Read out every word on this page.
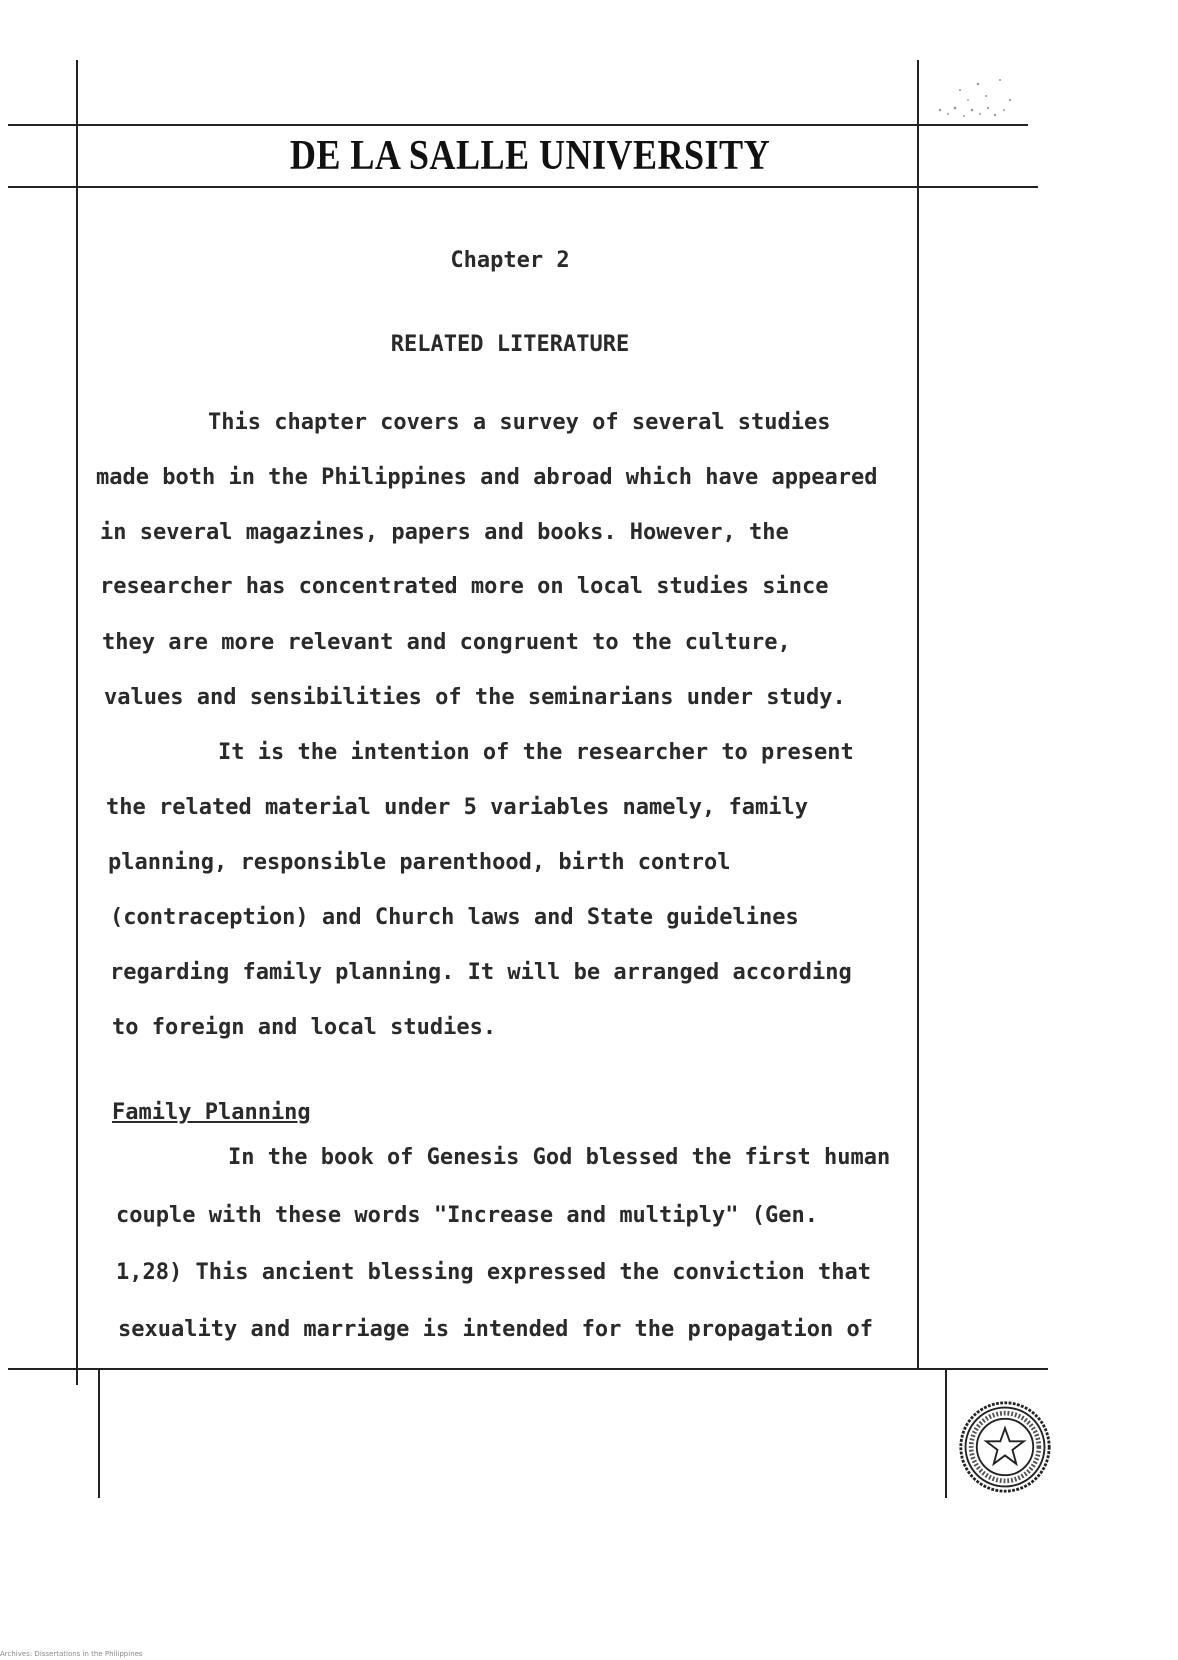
DE LA SALLE UNIVERSITY
Chapter 2
RELATED LITERATURE
This chapter covers a survey of several studies
made both in the Philippines and abroad which have appeared
in several magazines, papers and books. However, the
researcher has concentrated more on local studies since
they are more relevant and congruent to the culture,
values and sensibilities of the seminarians under study.
It is the intention of the researcher to present
the related material under 5 variables namely, family
planning, responsible parenthood, birth control
(contraception) and Church laws and State guidelines
regarding family planning. It will be arranged according
to foreign and local studies.
Family Planning
In the book of Genesis God blessed the first human
couple with these words "Increase and multiply" (Gen.
1,28) This ancient blessing expressed the conviction that
sexuality and marriage is intended for the propagation of
Archives: Dissertations in the Philippines
